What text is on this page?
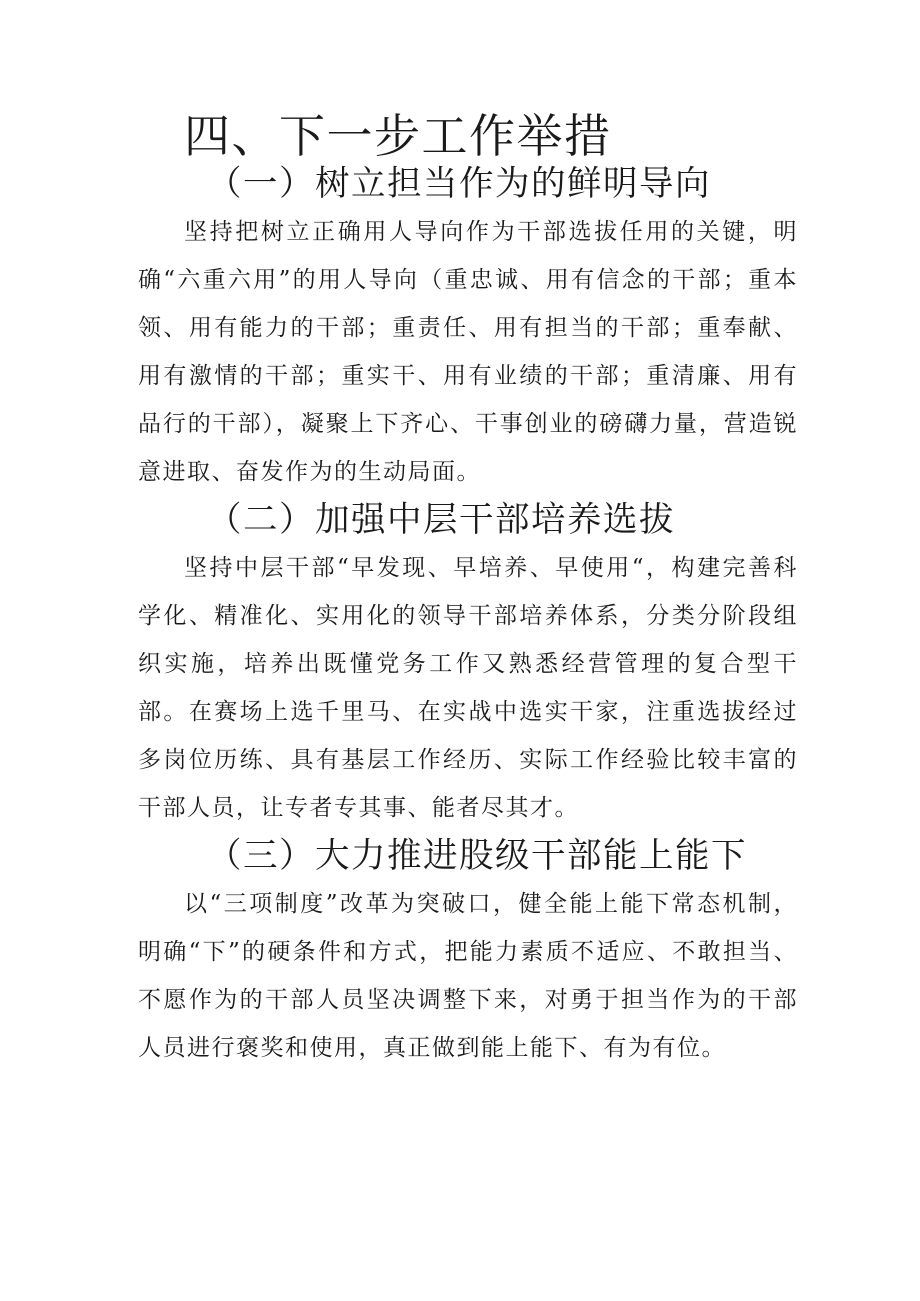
四、下一步工作举措
（一）树立担当作为的鲜明导向

坚持把树立正确用人导向作为干部选拔任用的关键，明确“六重六用”的用人导向（重忠诚、用有信念的干部；重本领、用有能力的干部；重责任、用有担当的干部；重奉献、用有激情的干部；重实干、用有业绩的干部；重清廉、用有品行的干部），凝聚上下齐心、干事创业的磅礴力量，营造锐意进取、奋发作为的生动局面。

（二）加强中层干部培养选拔

坚持中层干部“早发现、早培养、早使用“，构建完善科学化、精准化、实用化的领导干部培养体系，分类分阶段组织实施，培养出既懂党务工作又熟悉经营管理的复合型干部。在赛场上选千里马、在实战中选实干家，注重选拔经过多岗位历练、具有基层工作经历、实际工作经验比较丰富的干部人员，让专者专其事、能者尽其才。

（三）大力推进股级干部能上能下

以“三项制度”改革为突破口，健全能上能下常态机制，明确“下”的硬条件和方式，把能力素质不适应、不敢担当、不愿作为的干部人员坚决调整下来，对勇于担当作为的干部人员进行褒奖和使用，真正做到能上能下、有为有位。
